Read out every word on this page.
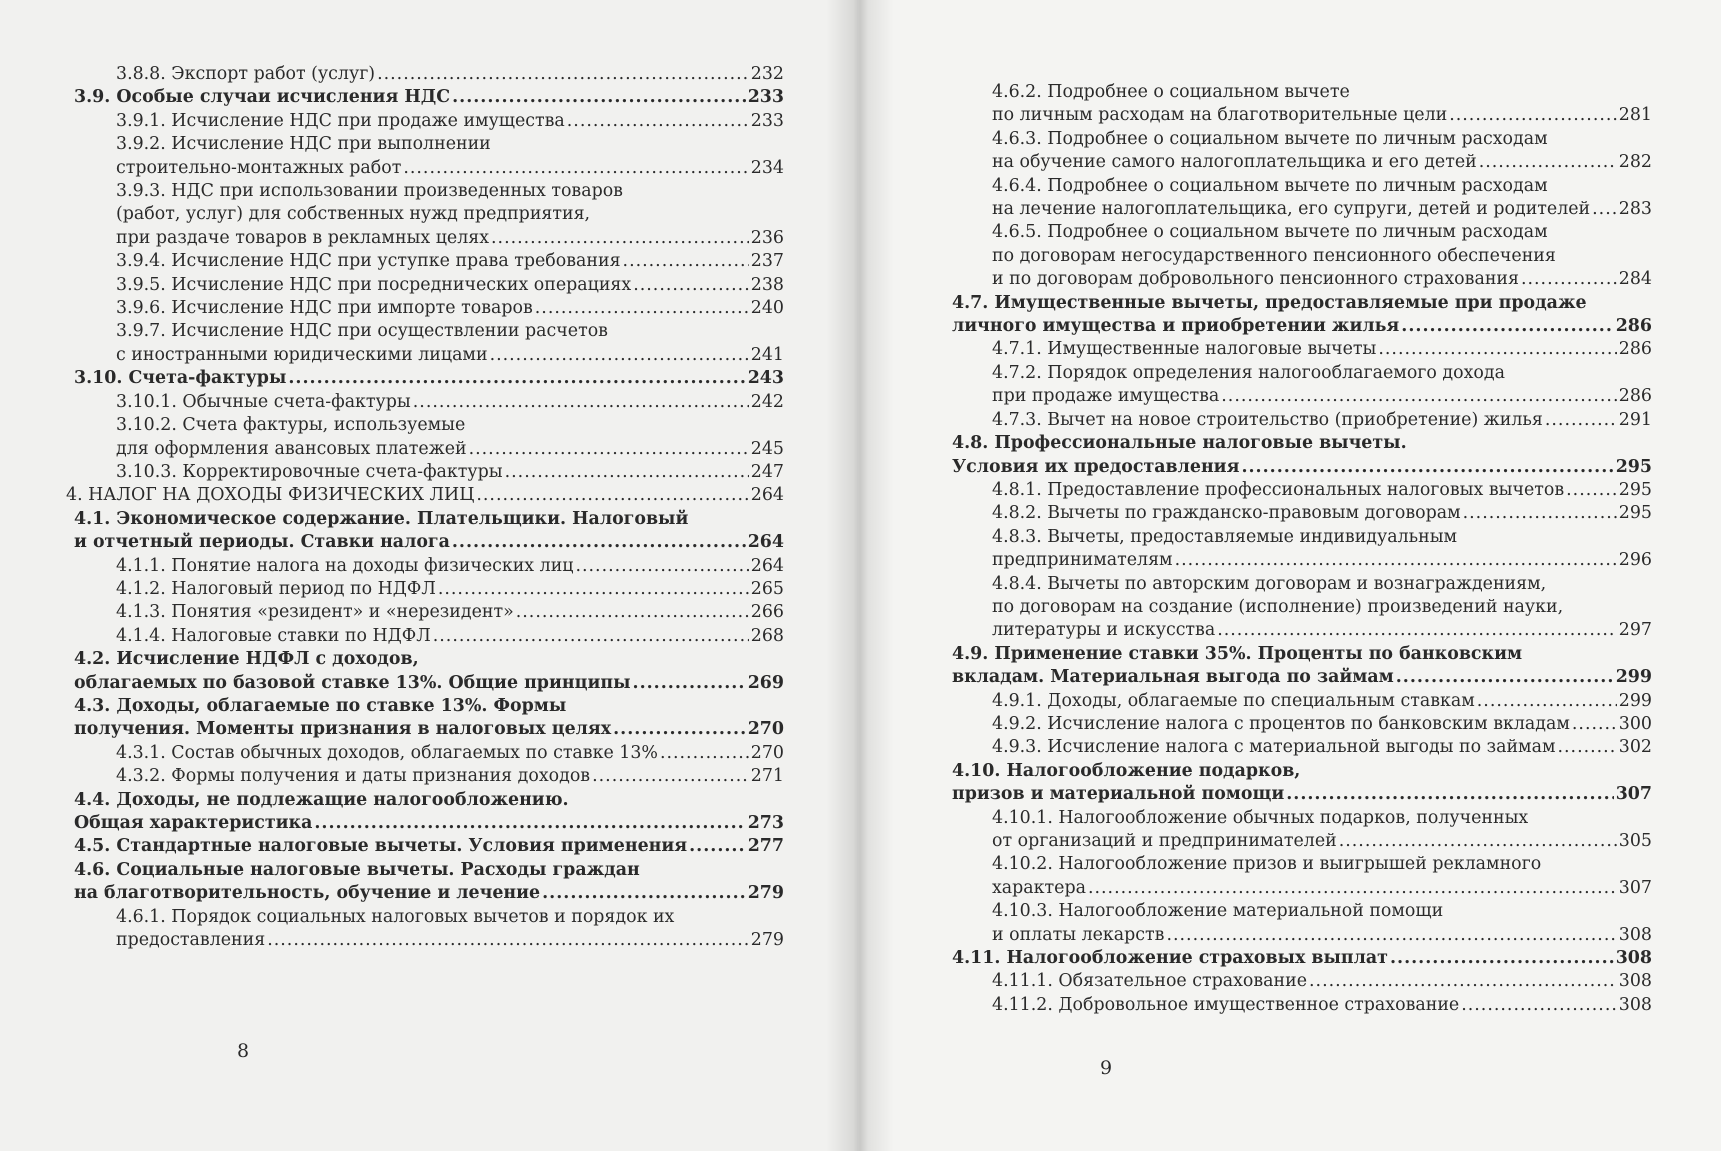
3.8.8. Экспорт работ (услуг) .....	232
3.9. Особые случаи исчисления НДС .....	233
3.9.1. Исчисление НДС при продаже имущества .....	233
3.9.2. Исчисление НДС при выполнении
строительно-монтажных работ .....	234
3.9.3. НДС при использовании произведенных товаров
(работ, услуг) для собственных нужд предприятия,
при раздаче товаров в рекламных целях .....	236
3.9.4. Исчисление НДС при уступке права требования .....	237
3.9.5. Исчисление НДС при посреднических операциях .....	238
3.9.6. Исчисление НДС при импорте товаров .....	240
3.9.7. Исчисление НДС при осуществлении расчетов
с иностранными юридическими лицами .....	241
3.10. Счета-фактуры .....	243
3.10.1. Обычные счета-фактуры .....	242
3.10.2. Счета фактуры, используемые
для оформления авансовых платежей .....	245
3.10.3. Корректировочные счета-фактуры .....	247
4. НАЛОГ НА ДОХОДЫ ФИЗИЧЕСКИХ ЛИЦ .....	264
4.1. Экономическое содержание. Плательщики. Налоговый
и отчетный периоды. Ставки налога .....	264
4.1.1. Понятие налога на доходы физических лиц .....	264
4.1.2. Налоговый период по НДФЛ .....	265
4.1.3. Понятия «резидент» и «нерезидент» .....	266
4.1.4. Налоговые ставки по НДФЛ .....	268
4.2. Исчисление НДФЛ с доходов,
облагаемых по базовой ставке 13%. Общие принципы .....	269
4.3. Доходы, облагаемые по ставке 13%. Формы
получения. Моменты признания в налоговых целях .....	270
4.3.1. Состав обычных доходов, облагаемых по ставке 13% .....	270
4.3.2. Формы получения и даты признания доходов .....	271
4.4. Доходы, не подлежащие налогообложению.
Общая характеристика .....	273
4.5. Стандартные налоговые вычеты. Условия применения .....	277
4.6. Социальные налоговые вычеты. Расходы граждан
на благотворительность, обучение и лечение .....	279
4.6.1. Порядок социальных налоговых вычетов и порядок их
предоставления .....	279
8
4.6.2. Подробнее о социальном вычете
по личным расходам на благотворительные цели .....	281
4.6.3. Подробнее о социальном вычете по личным расходам
на обучение самого налогоплательщика и его детей .....	282
4.6.4. Подробнее о социальном вычете по личным расходам
на лечение налогоплательщика, его супруги, детей и родителей ..... 283
4.6.5. Подробнее о социальном вычете по личным расходам
по договорам негосударственного пенсионного обеспечения
и по договорам добровольного пенсионного страхования .....	284
4.7. Имущественные вычеты, предоставляемые при продаже
личного имущества и приобретении жилья .....	286
4.7.1. Имущественные налоговые вычеты .....	286
4.7.2. Порядок определения налогооблагаемого дохода
при продаже имущества .....	286
4.7.3. Вычет на новое строительство (приобретение) жилья .....	291
4.8. Профессиональные налоговые вычеты.
Условия их предоставления .....	295
4.8.1. Предоставление профессиональных налоговых вычетов .....	295
4.8.2. Вычеты по гражданско-правовым договорам .....	295
4.8.3. Вычеты, предоставляемые индивидуальным
предпринимателям .....	296
4.8.4. Вычеты по авторским договорам и вознаграждениям,
по договорам на создание (исполнение) произведений науки,
литературы и искусства .....	297
4.9. Применение ставки 35%. Проценты по банковским
вкладам. Материальная выгода по займам .....	299
4.9.1. Доходы, облагаемые по специальным ставкам .....	299
4.9.2. Исчисление налога с процентов по банковским вкладам .....	300
4.9.3. Исчисление налога с материальной выгоды по займам .....	302
4.10. Налогообложение подарков,
призов и материальной помощи .....	307
4.10.1. Налогообложение обычных подарков, полученных
от организаций и предпринимателей .....	305
4.10.2. Налогообложение призов и выигрышей рекламного
характера .....	307
4.10.3. Налогообложение материальной помощи
и оплаты лекарств .....	308
4.11. Налогообложение страховых выплат .....	308
4.11.1. Обязательное страхование .....	308
4.11.2. Добровольное имущественное страхование .....	308
9
